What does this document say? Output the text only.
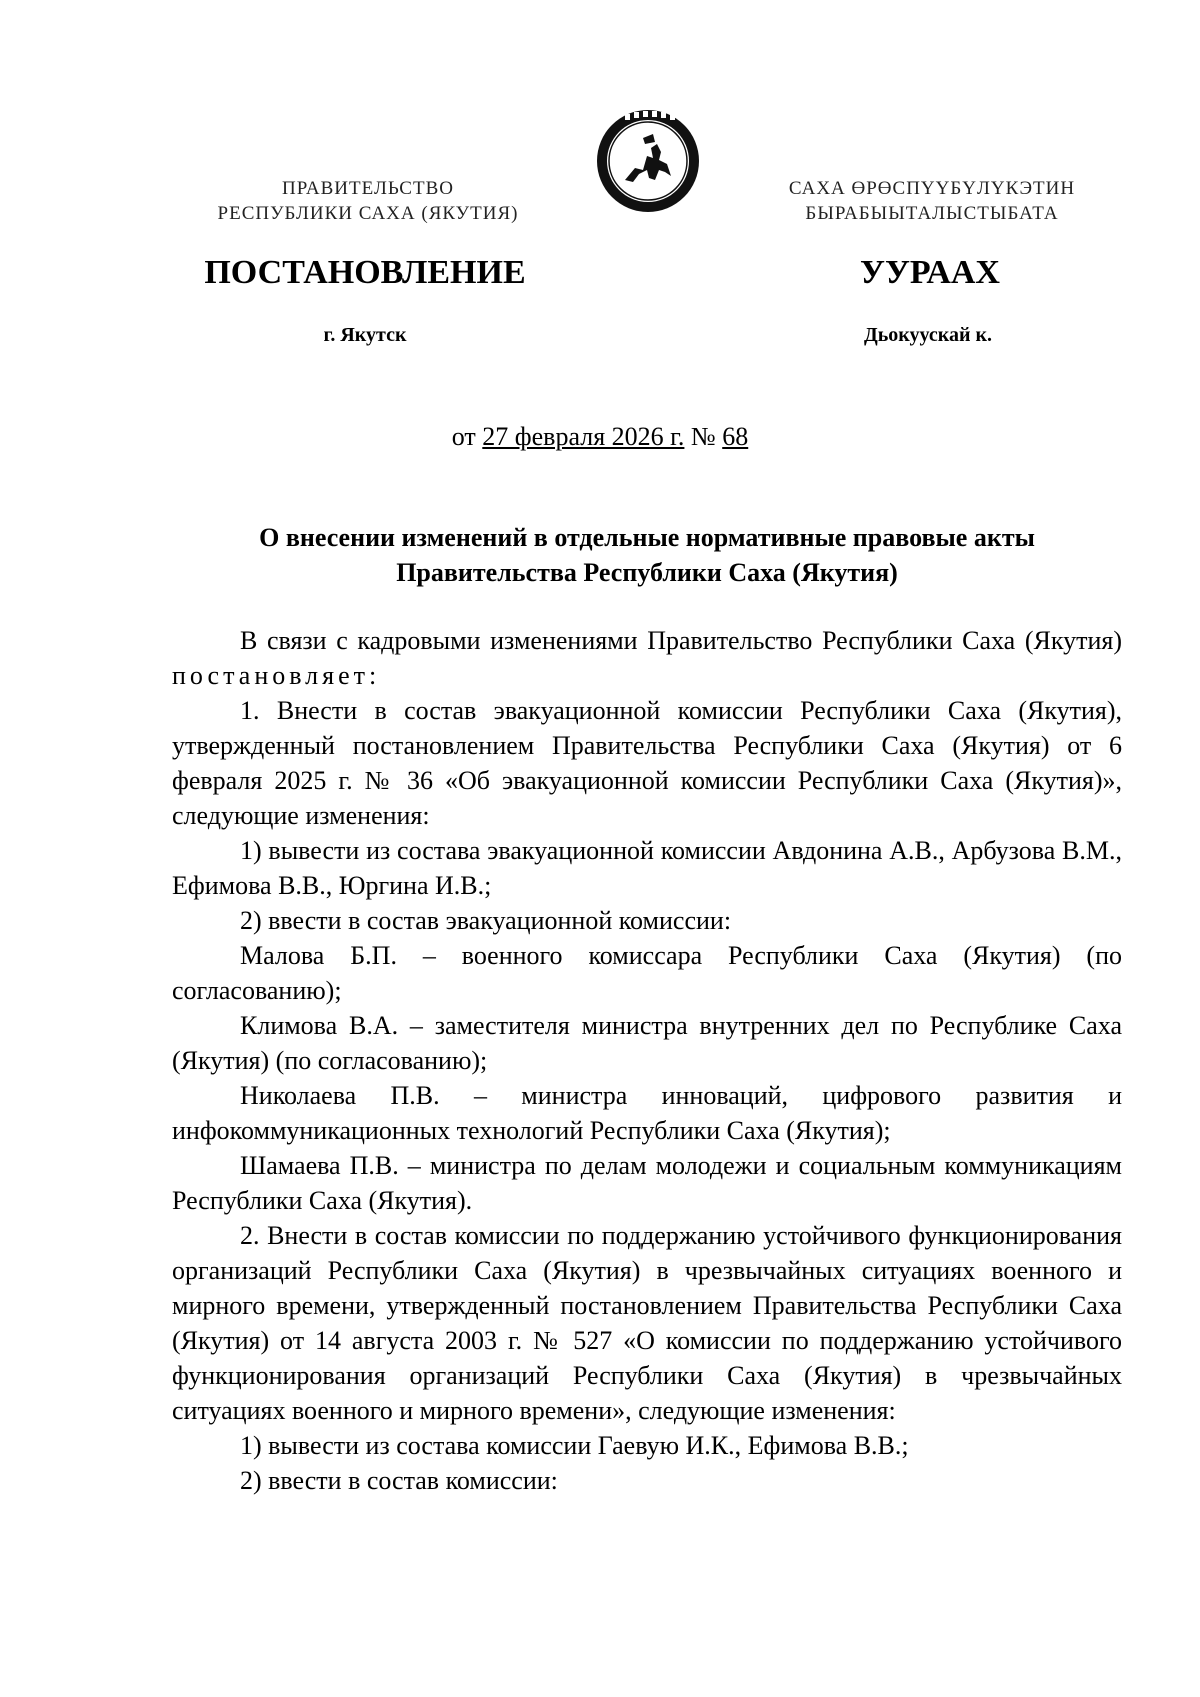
ПРАВИТЕЛЬСТВО
РЕСПУБЛИКИ САХА (ЯКУТИЯ)
САХА ӨРӨСПҮҮБҮЛҮКЭТИН
БЫРАБЫЫТАЛЫСТЫБАТА
ПОСТАНОВЛЕНИЕ	УУРААХ
г. Якутск	Дьокуускай к.
от 27 февраля 2026 г. № 68
О внесении изменений в отдельные нормативные правовые акты
Правительства Республики Саха (Якутия)

В связи с кадровыми изменениями Правительство Республики Саха (Якутия) постановляет:

1. Внести в состав эвакуационной комиссии Республики Саха (Якутия), утвержденный постановлением Правительства Республики Саха (Якутия) от 6 февраля 2025 г. № 36 «Об эвакуационной комиссии Республики Саха (Якутия)», следующие изменения:

1) вывести из состава эвакуационной комиссии Авдонина А.В., Арбузова В.М., Ефимова В.В., Юргина И.В.;

2) ввести в состав эвакуационной комиссии:

Малова Б.П. – военного комиссара Республики Саха (Якутия) (по согласованию);

Климова В.А. – заместителя министра внутренних дел по Республике Саха (Якутия) (по согласованию);

Николаева П.В. – министра инноваций, цифрового развития и инфокоммуникационных технологий Республики Саха (Якутия);

Шамаева П.В. – министра по делам молодежи и социальным коммуникациям Республики Саха (Якутия).

2. Внести в состав комиссии по поддержанию устойчивого функционирования организаций Республики Саха (Якутия) в чрезвычайных ситуациях военного и мирного времени, утвержденный постановлением Правительства Республики Саха (Якутия) от 14 августа 2003 г. № 527 «О комиссии по поддержанию устойчивого функционирования организаций Республики Саха (Якутия) в чрезвычайных ситуациях военного и мирного времени», следующие изменения:

1) вывести из состава комиссии Гаевую И.К., Ефимова В.В.;

2) ввести в состав комиссии:
